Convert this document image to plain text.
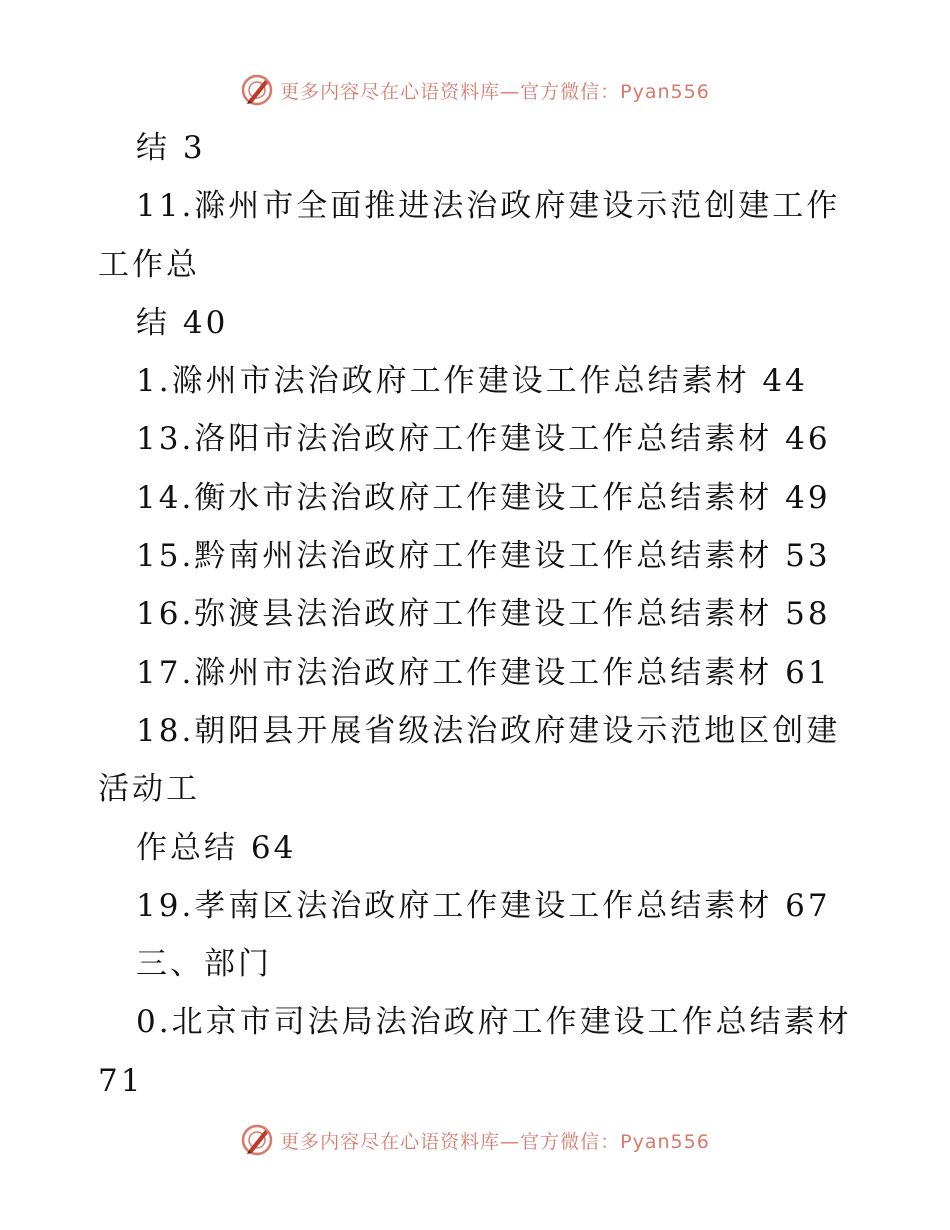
更多内容尽在心语资料库—官方微信：Pyan556
结 3
11.滁州市全面推进法治政府建设示范创建工作
工作总
结 40
1.滁州市法治政府工作建设工作总结素材 44
13.洛阳市法治政府工作建设工作总结素材 46
14.衡水市法治政府工作建设工作总结素材 49
15.黔南州法治政府工作建设工作总结素材 53
16.弥渡县法治政府工作建设工作总结素材 58
17.滁州市法治政府工作建设工作总结素材 61
18.朝阳县开展省级法治政府建设示范地区创建
活动工
作总结 64
19.孝南区法治政府工作建设工作总结素材 67
三、部门
0.北京市司法局法治政府工作建设工作总结素材
71
更多内容尽在心语资料库—官方微信：Pyan556
